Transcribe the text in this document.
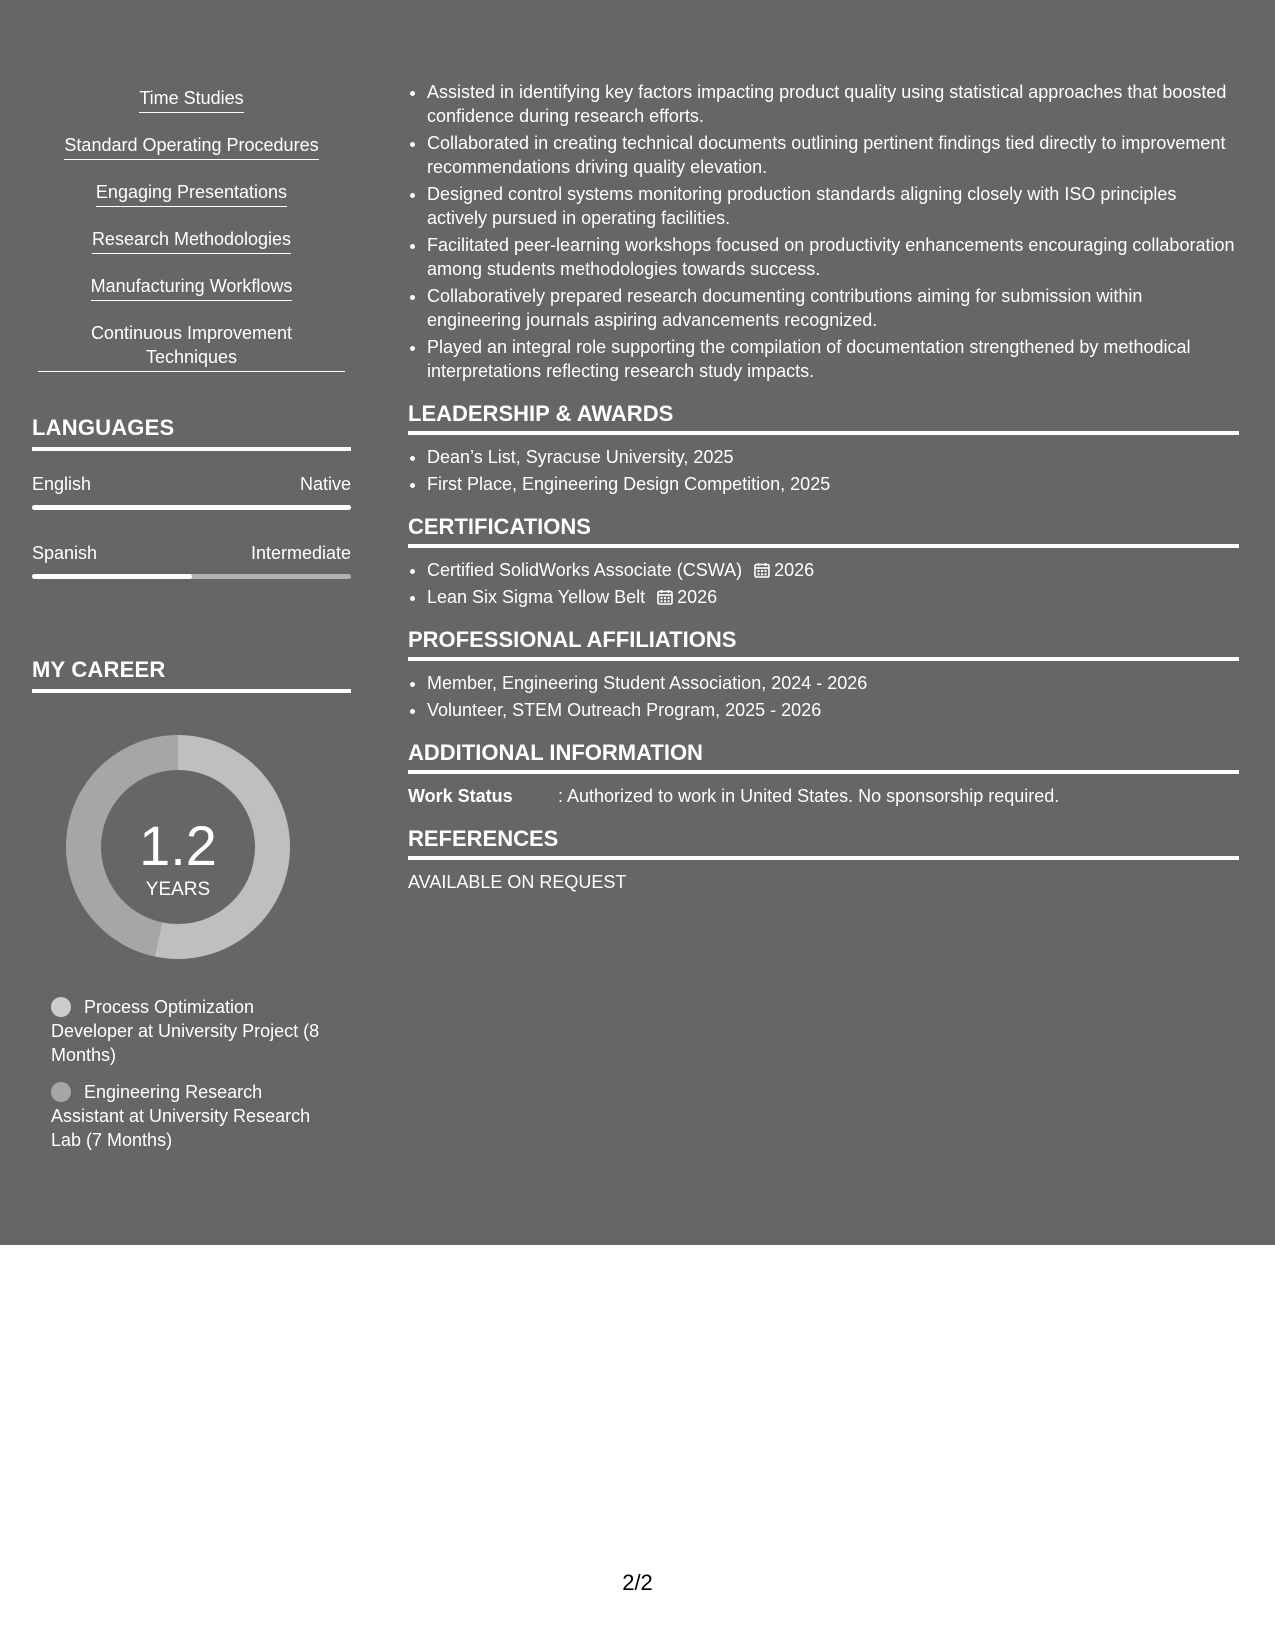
Time Studies
Standard Operating Procedures
Engaging Presentations
Research Methodologies
Manufacturing Workflows
Continuous Improvement Techniques
LANGUAGES
English	Native
Spanish	Intermediate
MY CAREER
1.2
YEARS
Process Optimization Developer at University Project (8 Months)
Engineering Research Assistant at University Research Lab (7 Months)
• Assisted in identifying key factors impacting product quality using statistical approaches that boosted confidence during research efforts.
• Collaborated in creating technical documents outlining pertinent findings tied directly to improvement recommendations driving quality elevation.
• Designed control systems monitoring production standards aligning closely with ISO principles actively pursued in operating facilities.
• Facilitated peer-learning workshops focused on productivity enhancements encouraging collaboration among students methodologies towards success.
• Collaboratively prepared research documenting contributions aiming for submission within engineering journals aspiring advancements recognized.
• Played an integral role supporting the compilation of documentation strengthened by methodical interpretations reflecting research study impacts.
LEADERSHIP & AWARDS
• Dean’s List, Syracuse University, 2025
• First Place, Engineering Design Competition, 2025
CERTIFICATIONS
• Certified SolidWorks Associate (CSWA) 2026
• Lean Six Sigma Yellow Belt 2026
PROFESSIONAL AFFILIATIONS
• Member, Engineering Student Association, 2024 - 2026
• Volunteer, STEM Outreach Program, 2025 - 2026
ADDITIONAL INFORMATION
Work Status	: Authorized to work in United States. No sponsorship required.
REFERENCES
AVAILABLE ON REQUEST
2/2
